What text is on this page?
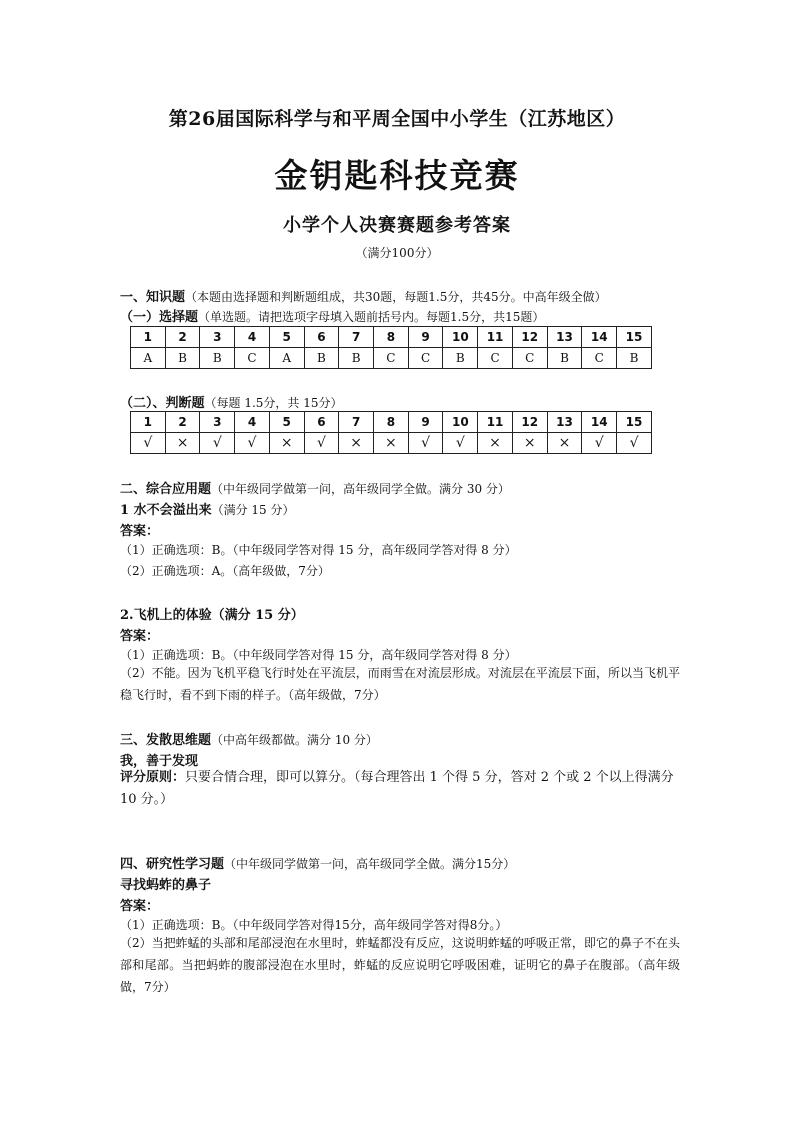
第26届国际科学与和平周全国中小学生（江苏地区）
金钥匙科技竞赛
小学个人决赛赛题参考答案
（满分100分）
一、知识题（本题由选择题和判断题组成，共30题，每题1.5分，共45分。中高年级全做）
（一）选择题（单选题。请把选项字母填入题前括号内。每题1.5分，共15题）
1	2	3	4	5	6	7	8	9	10	11	12	13	14	15
A	B	B	C	A	B	B	C	C	B	C	C	B	C	B
（二）、判断题（每题 1.5分，共 15分）
1	2	3	4	5	6	7	8	9	10	11	12	13	14	15
√	×	√	√	×	√	×	×	√	√	×	×	×	√	√
二、综合应用题（中年级同学做第一问，高年级同学全做。满分 30 分）
1 水不会溢出来（满分 15 分）
答案：
（1）正确选项：B。（中年级同学答对得 15 分，高年级同学答对得 8 分）
（2）正确选项：A。（高年级做，7分）
2.飞机上的体验（满分 15 分）
答案：
（1）正确选项：B。（中年级同学答对得 15 分，高年级同学答对得 8 分）
（2）不能。因为飞机平稳飞行时处在平流层，而雨雪在对流层形成。对流层在平流层下面，所以当飞机平稳飞行时，看不到下雨的样子。（高年级做，7分）
三、发散思维题（中高年级都做。满分 10 分）
我，善于发现
评分原则：只要合情合理，即可以算分。（每合理答出 1 个得 5 分，答对 2 个或 2 个以上得满分 10 分。）
四、研究性学习题（中年级同学做第一问，高年级同学全做。满分15分）
寻找蚂蚱的鼻子
答案：
（1）正确选项：B。（中年级同学答对得15分，高年级同学答对得8分。）
（2）当把蚱蜢的头部和尾部浸泡在水里时，蚱蜢都没有反应，这说明蚱蜢的呼吸正常，即它的鼻子不在头部和尾部。当把蚂蚱的腹部浸泡在水里时，蚱蜢的反应说明它呼吸困难，证明它的鼻子在腹部。（高年级做，7分）
